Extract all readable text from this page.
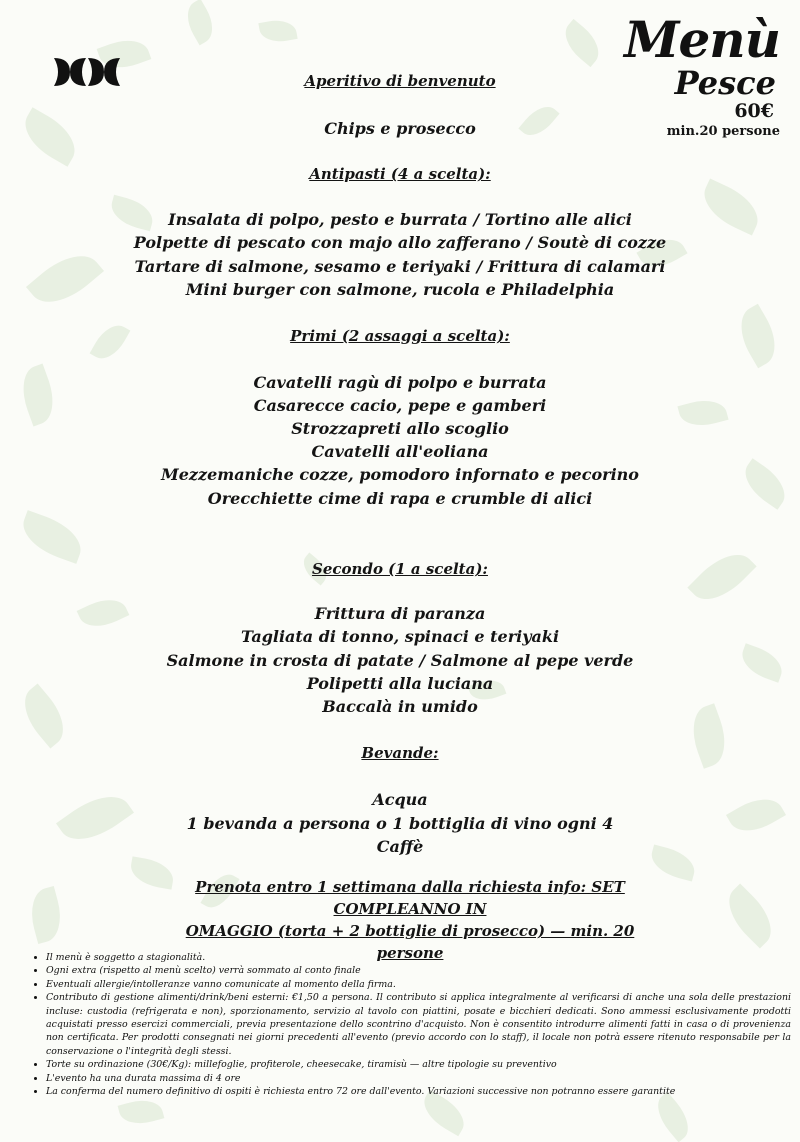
Menù
Pesce
60€
min.20 persone
Aperitivo di benvenuto
Chips e prosecco
Antipasti (4 a scelta):
Insalata di polpo, pesto e burrata / Tortino alle alici
Polpette di pescato con majo allo zafferano / Soutè di cozze
Tartare di salmone, sesamo e teriyaki / Frittura di calamari
Mini burger con salmone, rucola e Philadelphia
Primi (2 assaggi a scelta):
Cavatelli ragù di polpo e burrata
Casarecce cacio, pepe e gamberi
Strozzapreti allo scoglio
Cavatelli all'eoliana
Mezzemaniche cozze, pomodoro infornato e pecorino
Orecchiette cime di rapa e crumble di alici
Secondo (1 a scelta):
Frittura di paranza
Tagliata di tonno, spinaci e teriyaki
Salmone in crosta di patate / Salmone al pepe verde
Polipetti alla luciana
Baccalà in umido
Bevande:
Acqua
1 bevanda a persona o 1 bottiglia di vino ogni 4
Caffè
Prenota entro 1 settimana dalla richiesta info: SET COMPLEANNO IN
OMAGGIO (torta + 2 bottiglie di prosecco) — min. 20 persone
• Il menù è soggetto a stagionalità.
• Ogni extra (rispetto al menù scelto) verrà sommato al conto finale
• Eventuali allergie/intolleranze vanno comunicate al momento della firma.
• Contributo di gestione alimenti/drink/beni esterni: €1,50 a persona. Il contributo si applica integralmente al verificarsi di anche una sola delle prestazioni incluse: custodia (refrigerata e non), sporzionamento, servizio al tavolo con piattini, posate e bicchieri dedicati. Sono ammessi esclusivamente prodotti acquistati presso esercizi commerciali, previa presentazione dello scontrino d'acquisto. Non è consentito introdurre alimenti fatti in casa o di provenienza non certificata. Per prodotti consegnati nei giorni precedenti all'evento (previo accordo con lo staff), il locale non potrà essere ritenuto responsabile per la conservazione o l'integrità degli stessi.
• Torte su ordinazione (30€/Kg): millefoglie, profiterole, cheesecake, tiramisù — altre tipologie su preventivo
• L'evento ha una durata massima di 4 ore
• La conferma del numero definitivo di ospiti è richiesta entro 72 ore dall'evento. Variazioni successive non potranno essere garantite
